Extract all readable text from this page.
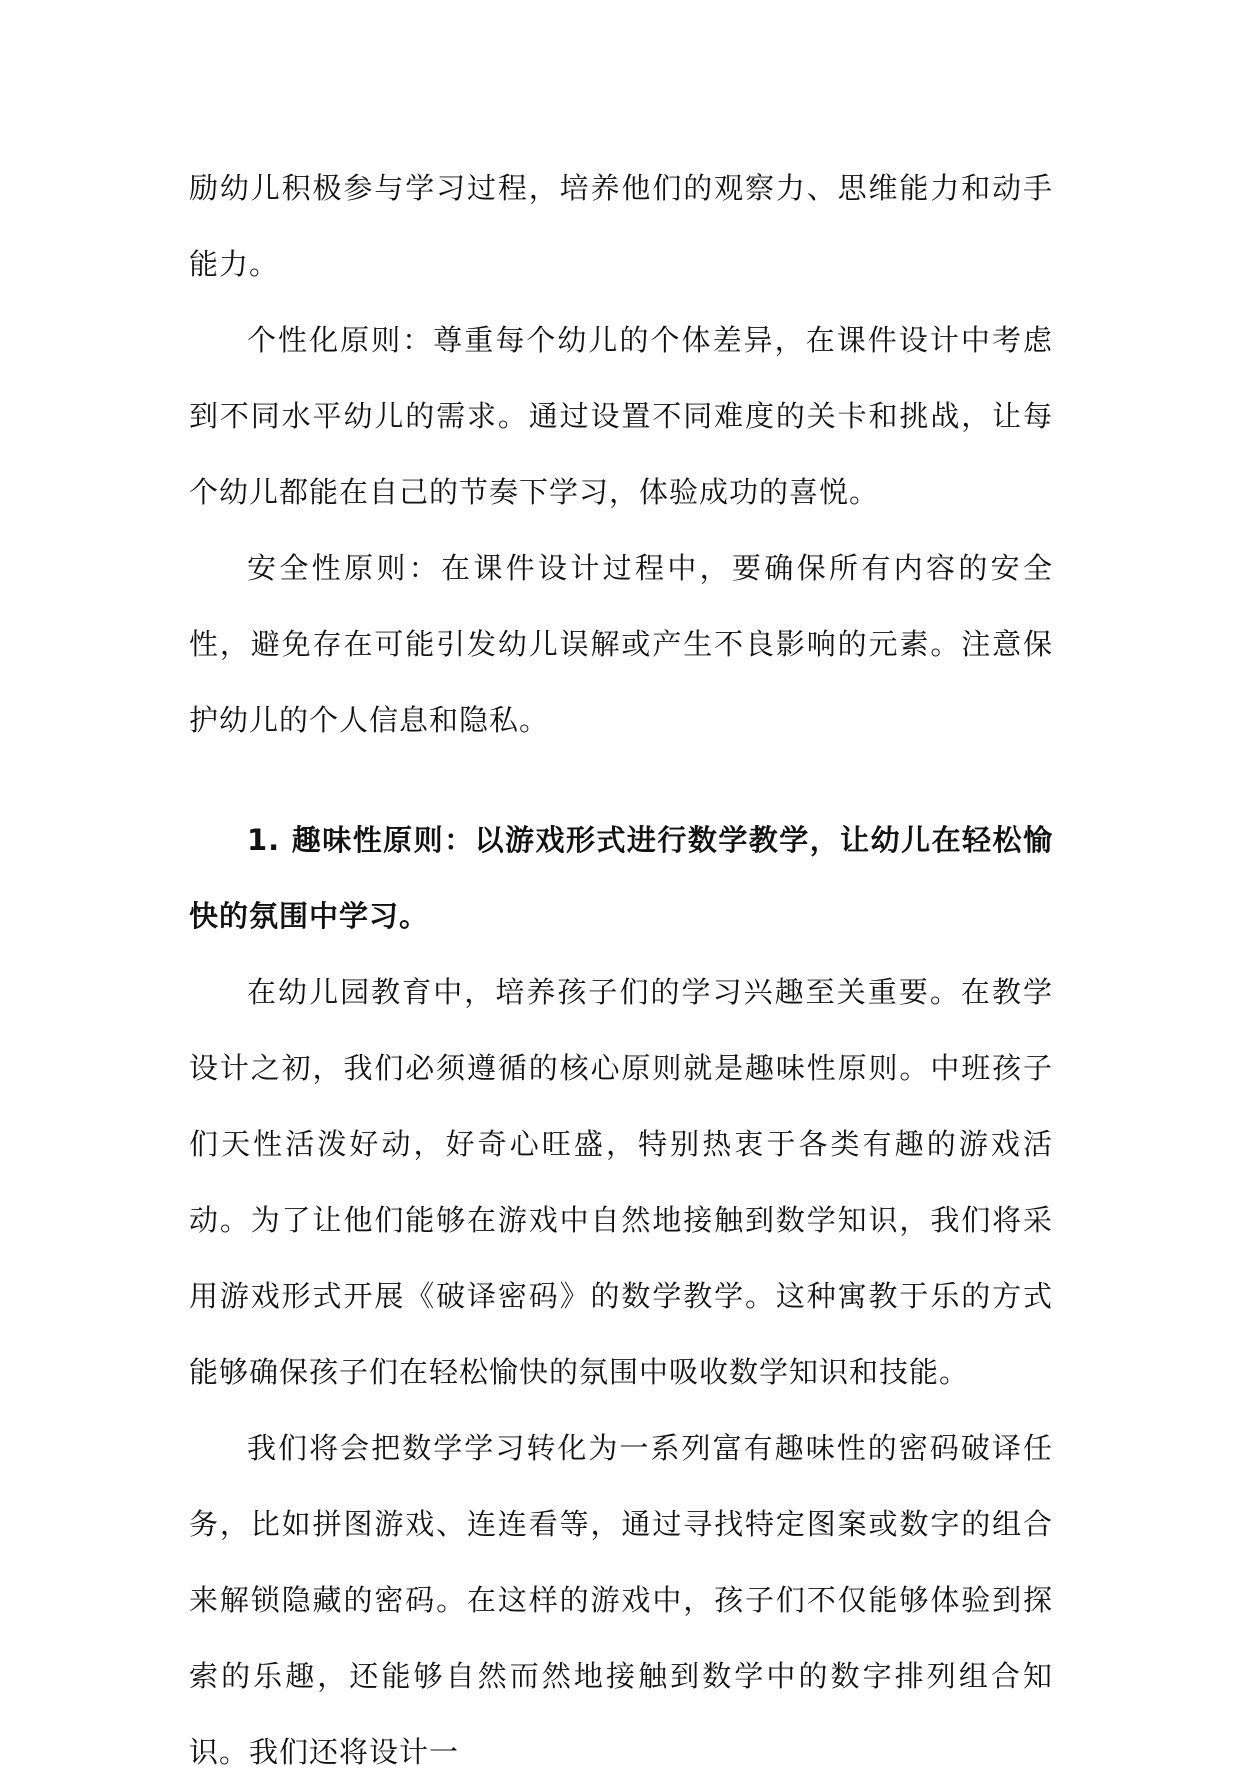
励幼儿积极参与学习过程，培养他们的观察力、思维能力和动手能力。

个性化原则：尊重每个幼儿的个体差异，在课件设计中考虑到不同水平幼儿的需求。通过设置不同难度的关卡和挑战，让每个幼儿都能在自己的节奏下学习，体验成功的喜悦。

安全性原则：在课件设计过程中，要确保所有内容的安全性，避免存在可能引发幼儿误解或产生不良影响的元素。注意保护幼儿的个人信息和隐私。

1. 趣味性原则：以游戏形式进行数学教学，让幼儿在轻松愉快的氛围中学习。

在幼儿园教育中，培养孩子们的学习兴趣至关重要。在教学设计之初，我们必须遵循的核心原则就是趣味性原则。中班孩子们天性活泼好动，好奇心旺盛，特别热衷于各类有趣的游戏活动。为了让他们能够在游戏中自然地接触到数学知识，我们将采用游戏形式开展《破译密码》的数学教学。这种寓教于乐的方式能够确保孩子们在轻松愉快的氛围中吸收数学知识和技能。

我们将会把数学学习转化为一系列富有趣味性的密码破译任务，比如拼图游戏、连连看等，通过寻找特定图案或数字的组合来解锁隐藏的密码。在这样的游戏中，孩子们不仅能够体验到探索的乐趣，还能够自然而然地接触到数学中的数字排列组合知识。我们还将设计一
